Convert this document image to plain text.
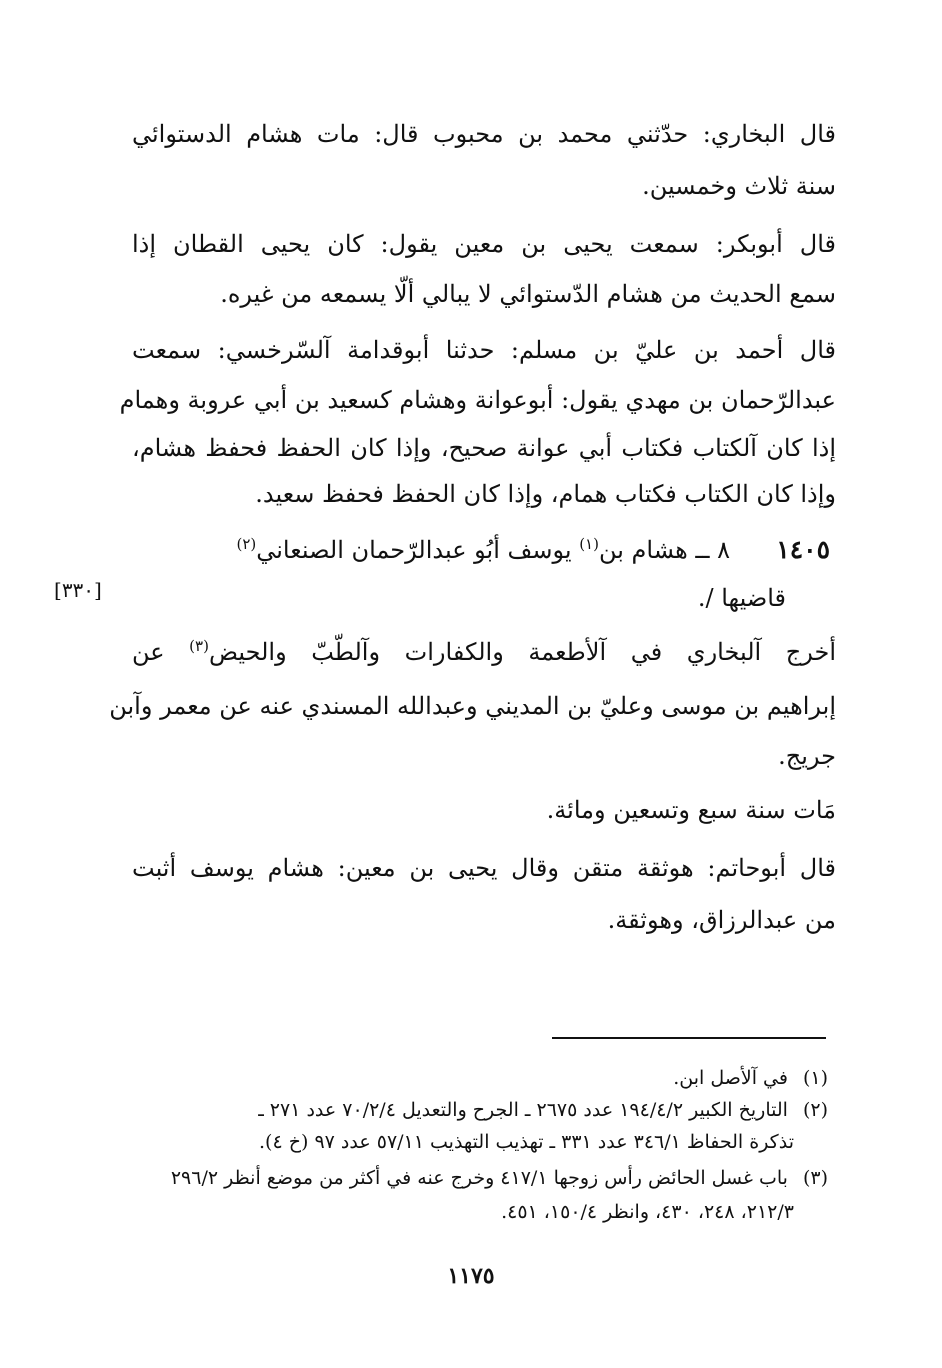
قال البخاري: حدّثني محمد بن محبوب قال: مات هشام الدستوائي
سنة ثلاث وخمسين.
قال أبوبكر: سمعت يحيى بن معين يقول: كان يحيى القطان إذا
سمع الحديث من هشام الدّستوائي لا يبالي ألّا يسمعه من غيره.
قال أحمد بن عليّ بن مسلم: حدثنا أبوقدامة آلسّرخسي: سمعت
عبدالرّحمان بن مهدي يقول: أبوعوانة وهشام كسعيد بن أبي عروبة وهمام
إذا كان آلكتاب فكتاب أبي عوانة صحيح، وإذا كان الحفظ فحفظ هشام،
وإذا كان الكتاب فكتاب همام، وإذا كان الحفظ فحفظ سعيد.
١٤٠٥
٨ ــ هشام بن$^{(١)}$ يوسف أبُو عبدالرّحمان الصنعاني$^{(٢)}$
قاضيها /.
[٣٣٠]
أخرج آلبخاري في آلأطعمة والكفارات وآلطّبّ والحيض$^{(٣)}$ عن
إبراهيم بن موسى وعليّ بن المديني وعبدالله المسندي عنه عن معمر وآبن
جريج.
مَات سنة سبع وتسعين ومائة.
قال أبوحاتم: هوثقة متقن وقال يحيى بن معين: هشام يوسف أثبت
من عبدالرزاق، وهوثقة.
(١) في آلأصل ابن.
(٢) التاريخ الكبير ١٩٤/٤/٢ عدد ٢٦٧٥ ـ الجرح والتعديل ٧٠/٢/٤ عدد ٢٧١ ـ
تذكرة الحفاظ ٣٤٦/١ عدد ٣٣١ ـ تهذيب التهذيب ٥٧/١١ عدد ٩٧ (خ ٤).
(٣) باب غسل الحائض رأس زوجها ٤١٧/١ وخرج عنه في أكثر من موضع أنظر ٢٩٦/٢
٢١٢/٣، ٢٤٨، ٤٣٠، وانظر ١٥٠/٤، ٤٥١.
١١٧٥
